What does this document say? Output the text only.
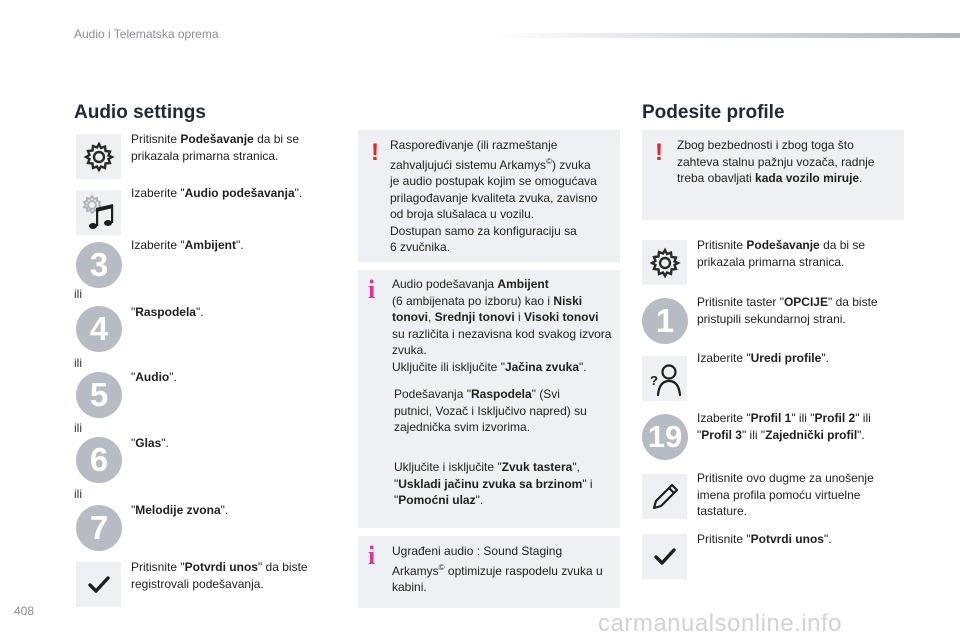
Audio i Telematska oprema
Audio settings
Pritisnite Podešavanje da bi se prikazala primarna stranica.
Izaberite "Audio podešavanja".
3
Izaberite "Ambijent".
ili
4 "Raspodela".
ili
5 "Audio".
ili
6 "Glas".
ili
7 "Melodije zvona".
Pritisnite "Potvrdi unos" da biste registrovali podešavanja.
! Raspoređivanje (ili razmeštanje
zahvaljujući sistemu Arkamys©) zvuka
je audio postupak kojim se omogućava
prilagođavanje kvaliteta zvuka, zavisno
od broja slušalaca u vozilu.
Dostupan samo za konfiguraciju sa
6 zvučnika.
i Audio podešavanja Ambijent
(6 ambijenata po izboru) kao i Niski tonovi, Srednji tonovi i Visoki tonovi su različita i nezavisna kod svakog izvora zvuka.
Uključite ili isključite "Jačina zvuka".
Podešavanja "Raspodela" (Svi putnici, Vozač i Isključivo napred) su zajednička svim izvorima.
Uključite i isključite "Zvuk tastera", "Uskladi jačinu zvuka sa brzinom" i "Pomoćni ulaz".
i Ugrađeni audio : Sound Staging Arkamys© optimizuje raspodelu zvuka u kabini.
Podesite profile
! Zbog bezbednosti i zbog toga što zahteva stalnu pažnju vozača, radnje treba obavljati kada vozilo miruje.
Pritisnite Podešavanje da bi se prikazala primarna stranica.
1 Pritisnite taster "OPCIJE" da biste pristupili sekundarnoj strani.
?
Izaberite "Uredi profile".
19
Izaberite "Profil 1" ili "Profil 2" ili "Profil 3" ili "Zajednički profil".
Pritisnite ovo dugme za unošenje imena profila pomoću virtuelne tastature.
Pritisnite "Potvrdi unos".
408	carmanualsonline.info
